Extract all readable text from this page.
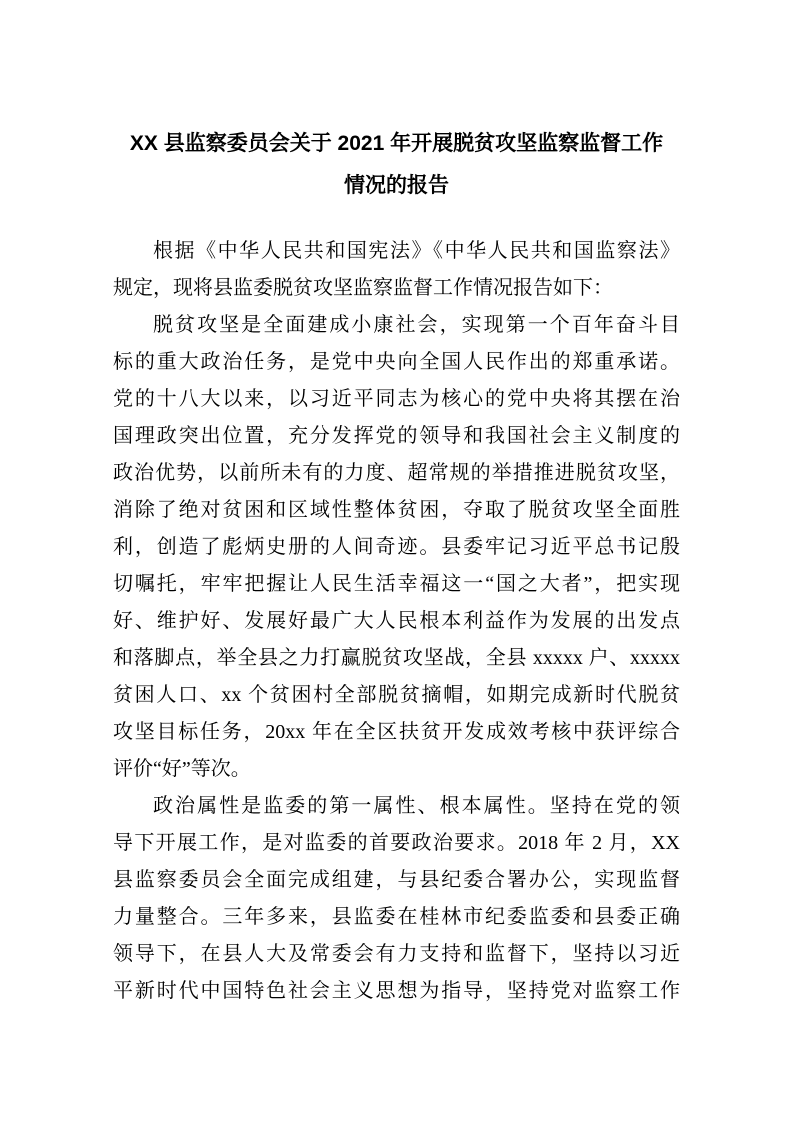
XX 县监察委员会关于 2021 年开展脱贫攻坚监察监督工作
情况的报告
根据《中华人民共和国宪法》《中华人民共和国监察法》
规定，现将县监委脱贫攻坚监察监督工作情况报告如下：
脱贫攻坚是全面建成小康社会，实现第一个百年奋斗目
标的重大政治任务，是党中央向全国人民作出的郑重承诺。
党的十八大以来，以习近平同志为核心的党中央将其摆在治
国理政突出位置，充分发挥党的领导和我国社会主义制度的
政治优势，以前所未有的力度、超常规的举措推进脱贫攻坚，
消除了绝对贫困和区域性整体贫困，夺取了脱贫攻坚全面胜
利，创造了彪炳史册的人间奇迹。县委牢记习近平总书记殷
切嘱托，牢牢把握让人民生活幸福这一“国之大者”，把实现
好、维护好、发展好最广大人民根本利益作为发展的出发点
和落脚点，举全县之力打赢脱贫攻坚战，全县 xxxxx 户、xxxxx
贫困人口、xx 个贫困村全部脱贫摘帽，如期完成新时代脱贫
攻坚目标任务，20xx 年在全区扶贫开发成效考核中获评综合
评价“好”等次。
政治属性是监委的第一属性、根本属性。坚持在党的领
导下开展工作，是对监委的首要政治要求。2018 年 2 月，XX
县监察委员会全面完成组建，与县纪委合署办公，实现监督
力量整合。三年多来，县监委在桂林市纪委监委和县委正确
领导下，在县人大及常委会有力支持和监督下，坚持以习近
平新时代中国特色社会主义思想为指导，坚持党对监察工作
